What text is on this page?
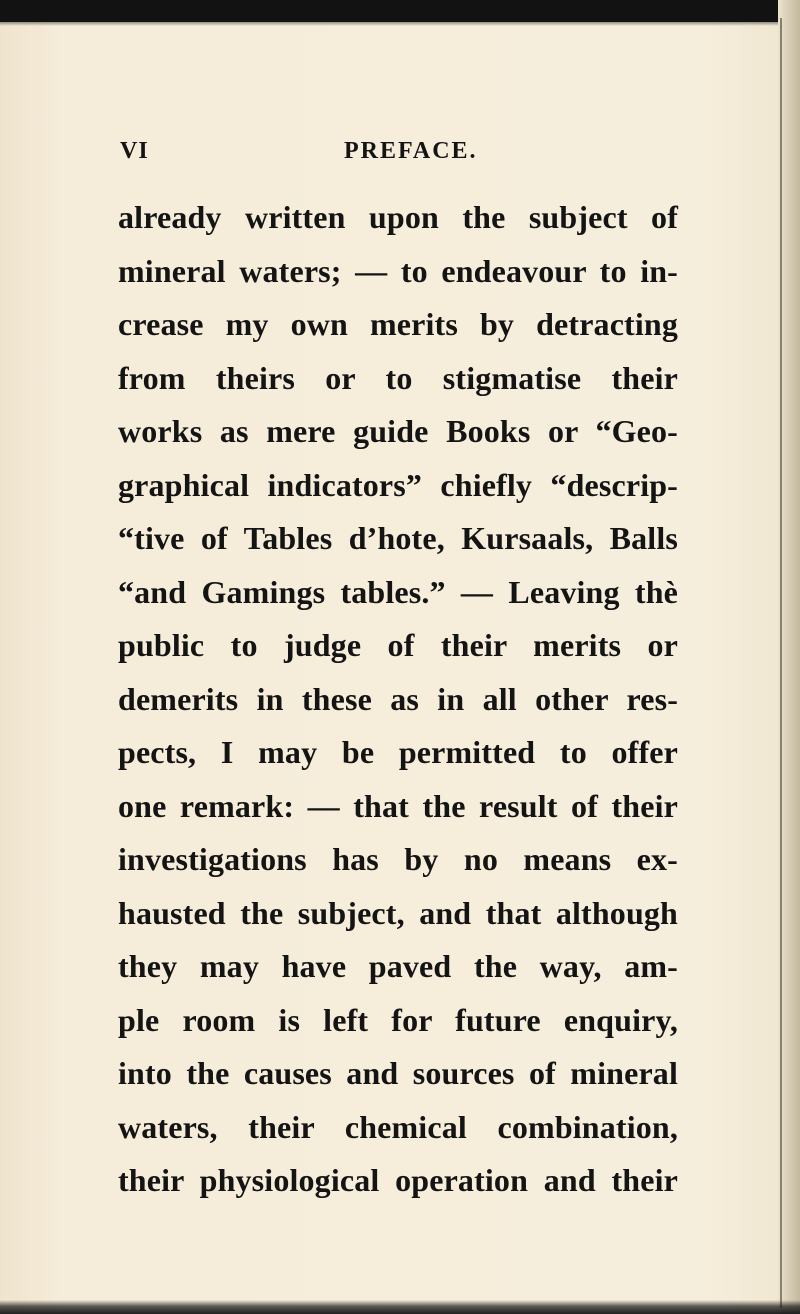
VI	PREFACE.
already written upon the subject of
mineral waters; — to endeavour to in-
crease my own merits by detracting
from theirs or to stigmatise their
works as mere guide Books or “Geo-
graphical indicators” chiefly “descrip-
“tive of Tables d’hote, Kursaals, Balls
“and Gamings tables.” — Leaving thè
public to judge of their merits or
demerits in these as in all other res-
pects, I may be permitted to offer
one remark: — that the result of their
investigations has by no means ex-
hausted the subject, and that although
they may have paved the way, am-
ple room is left for future enquiry,
into the causes and sources of mineral
waters, their chemical combination,
their physiological operation and their
